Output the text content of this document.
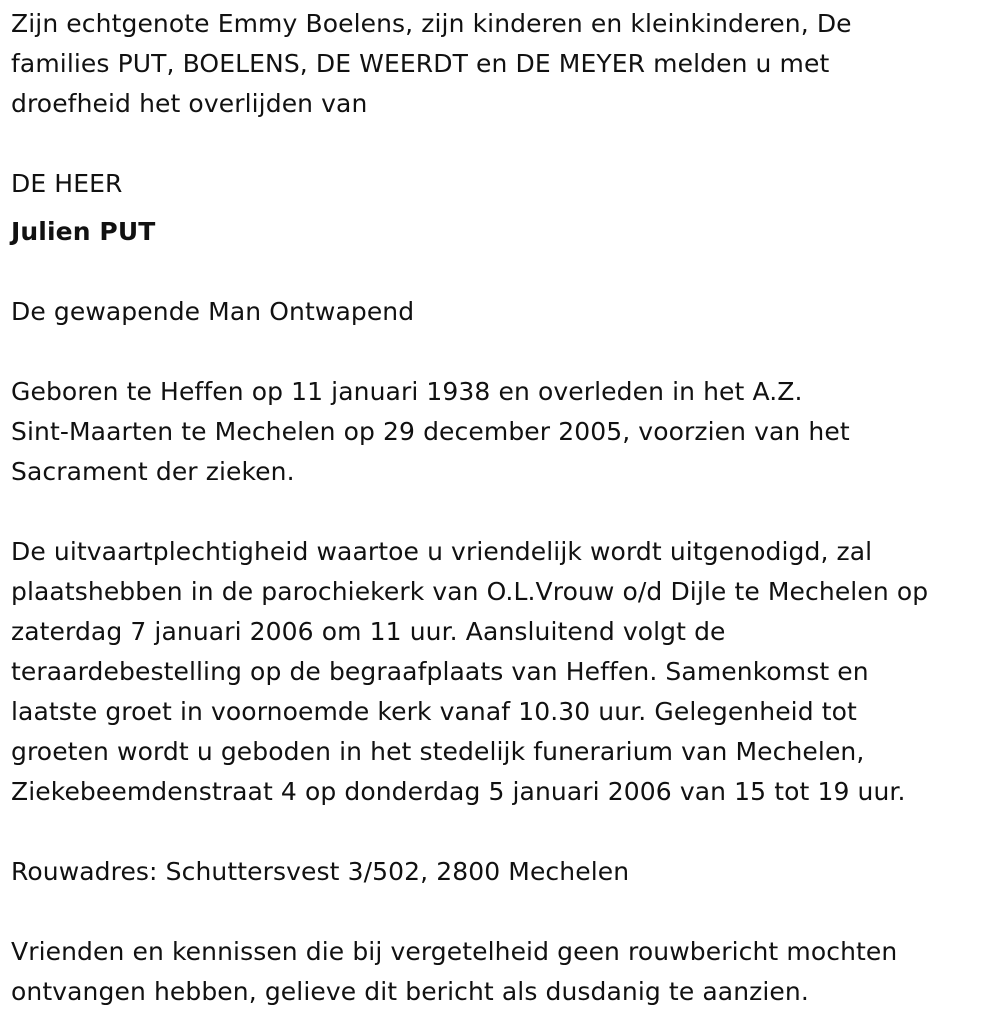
Zijn echtgenote Emmy Boelens, zijn kinderen en kleinkinderen, De

families PUT, BOELENS, DE WEERDT en DE MEYER melden u met

droefheid het overlijden van

DE HEER

Julien PUT

De gewapende Man Ontwapend

Geboren te Heffen op 11 januari 1938 en overleden in het A.Z.

Sint-Maarten te Mechelen op 29 december 2005, voorzien van het

Sacrament der zieken.

De uitvaartplechtigheid waartoe u vriendelijk wordt uitgenodigd, zal

plaatshebben in de parochiekerk van O.L.Vrouw o/d Dijle te Mechelen op

zaterdag 7 januari 2006 om 11 uur. Aansluitend volgt de

teraardebestelling op de begraafplaats van Heffen. Samenkomst en

laatste groet in voornoemde kerk vanaf 10.30 uur. Gelegenheid tot

groeten wordt u geboden in het stedelijk funerarium van Mechelen,

Ziekebeemdenstraat 4 op donderdag 5 januari 2006 van 15 tot 19 uur.

Rouwadres: Schuttersvest 3/502, 2800 Mechelen

Vrienden en kennissen die bij vergetelheid geen rouwbericht mochten

ontvangen hebben, gelieve dit bericht als dusdanig te aanzien.
